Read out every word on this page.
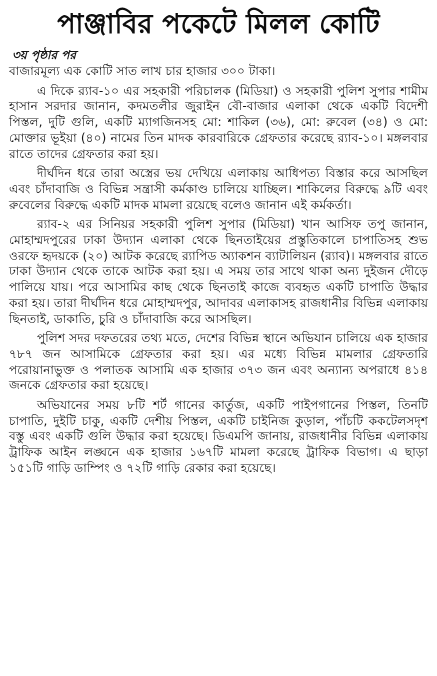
পাঞ্জাবির পকেটে মিলল কোটি
৩য় পৃষ্ঠার পর

বাজারমূল্য এক কোটি সাত লাখ চার হাজার ৩০০ টাকা।

এ দিকে র‌্যাব-১০ এর সহকারী পরিচালক (মিডিয়া) ও সহকারী পুলিশ সুপার শামীম হাসান সরদার জানান, কদমতলীর জুরাইন বৌ-বাজার এলাকা থেকে একটি বিদেশী পিস্তল, দুটি গুলি, একটি ম্যাগজিনসহ মো: শাকিল (৩৬), মো: রুবেল (৩৪) ও মো: মোক্তার ভূইয়া (৪০) নামের তিন মাদক কারবারিকে গ্রেফতার করেছে র‌্যাব-১০। মঙ্গলবার রাতে তাদের গ্রেফতার করা হয়।

দীর্ঘদিন ধরে তারা অস্ত্রের ভয় দেখিয়ে এলাকায় আধিপত্য বিস্তার করে আসছিল এবং চাঁদাবাজি ও বিভিন্ন সন্ত্রাসী কর্মকাণ্ড চালিয়ে যাচ্ছিল। শাকিলের বিরুদ্ধে ৯টি এবং রুবেলের বিরুদ্ধে একটি মাদক মামলা রয়েছে বলেও জানান এই কর্মকর্তা।

র‌্যাব-২ এর সিনিয়র সহকারী পুলিশ সুপার (মিডিয়া) খান আসিফ তপু জানান, মোহাম্মদপুরের ঢাকা উদ্যান এলাকা থেকে ছিনতাইয়ের প্রস্তুতিকালে চাপাতিসহ শুভ ওরফে হৃদয়কে (২০) আটক করেছে র‌্যাপিড অ্যাকশন ব্যাটালিয়ন (র‌্যাব)। মঙ্গলবার রাতে ঢাকা উদ্যান থেকে তাকে আটক করা হয়। এ সময় তার সাথে থাকা অন্য দুইজন দৌড়ে পালিয়ে যায়। পরে আসামির কাছ থেকে ছিনতাই কাজে ব্যবহৃত একটি চাপাতি উদ্ধার করা হয়। তারা দীর্ঘদিন ধরে মোহাম্মদপুর, আদাবর এলাকাসহ রাজধানীর বিভিন্ন এলাকায় ছিনতাই, ডাকাতি, চুরি ও চাঁদাবাজি করে আসছিল।

পুলিশ সদর দফতরের তথ্য মতে, দেশের বিভিন্ন স্থানে অভিযান চালিয়ে এক হাজার ৭৮৭ জন আসামিকে গ্রেফতার করা হয়। এর মধ্যে বিভিন্ন মামলার গ্রেফতারি পরোয়ানাভুক্ত ও পলাতক আসামি এক হাজার ৩৭৩ জন এবং অন্যান্য অপরাধে ৪১৪ জনকে গ্রেফতার করা হয়েছে।

অভিযানের সময় ৮টি শর্ট গানের কার্তুজ, একটি পাইপগানের পিস্তল, তিনটি চাপাতি, দুইটি চাকু, একটি দেশীয় পিস্তল, একটি চাইনিজ কুড়াল, পাঁচটি ককটেলসদৃশ বস্তু এবং একটি গুলি উদ্ধার করা হয়েছে। ডিএমপি জানায়, রাজধানীর বিভিন্ন এলাকায় ট্রাফিক আইন লঙ্ঘনে এক হাজার ১৬৭টি মামলা করেছে ট্রাফিক বিভাগ। এ ছাড়া ১৫১টি গাড়ি ডাম্পিং ও ৭২টি গাড়ি রেকার করা হয়েছে।
